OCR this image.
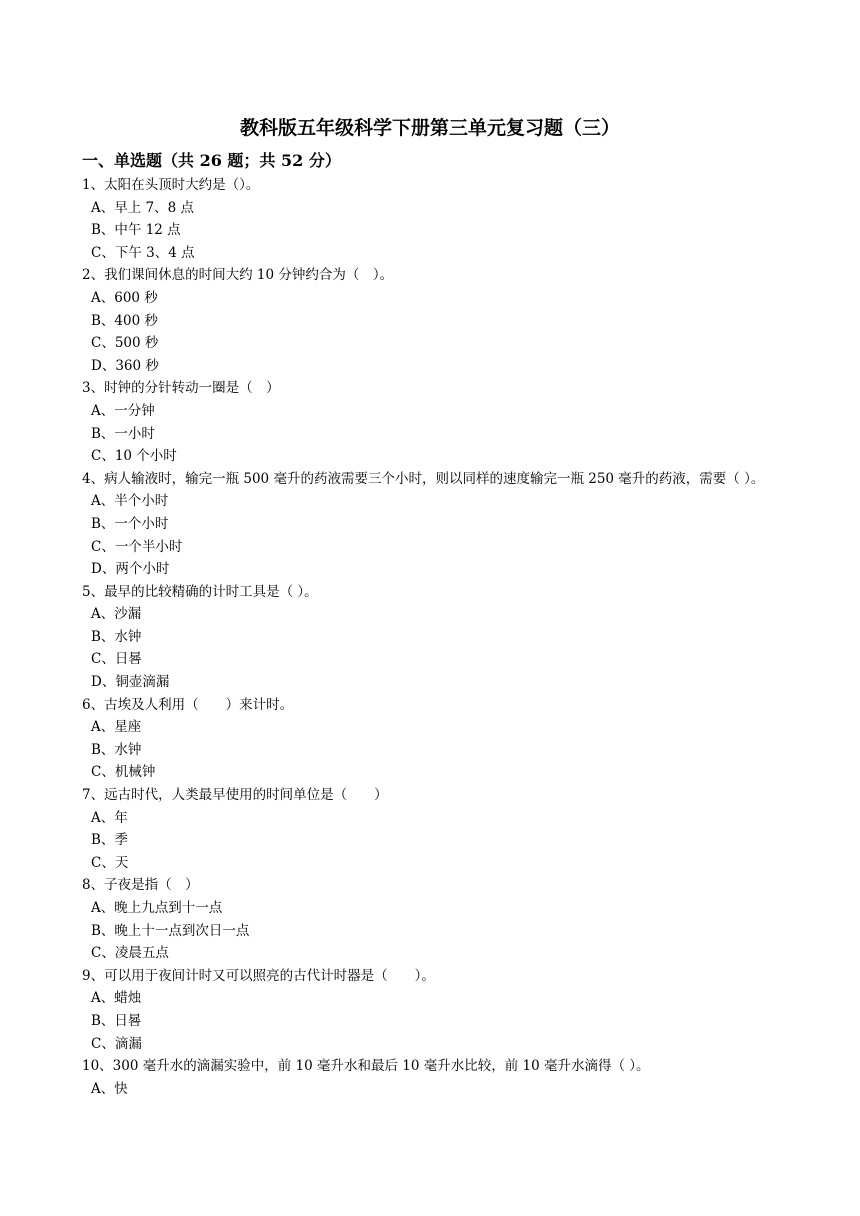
教科版五年级科学下册第三单元复习题（三）
一、单选题（共 26 题；共 52 分）
1、太阳在头顶时大约是（）。
A、早上 7、8 点
B、中午 12 点
C、下午 3、4 点
2、我们课间休息的时间大约 10 分钟约合为（　）。
A、600 秒
B、400 秒
C、500 秒
D、360 秒
3、时钟的分针转动一圈是（　）
A、一分钟
B、一小时
C、10 个小时
4、病人输液时，输完一瓶 500 毫升的药液需要三个小时，则以同样的速度输完一瓶 250 毫升的药液，需要（ ）。
A、半个小时
B、一个小时
C、一个半小时
D、两个小时
5、最早的比较精确的计时工具是（ ）。
A、沙漏
B、水钟
C、日晷
D、铜壶滴漏
6、古埃及人利用（　　）来计时。
A、星座
B、水钟
C、机械钟
7、远古时代，人类最早使用的时间单位是（　　）
A、年
B、季
C、天
8、子夜是指（　）
A、晚上九点到十一点
B、晚上十一点到次日一点
C、凌晨五点
9、可以用于夜间计时又可以照亮的古代计时器是（　　）。
A、蜡烛
B、日晷
C、滴漏
10、300 毫升水的滴漏实验中，前 10 毫升水和最后 10 毫升水比较，前 10 毫升水滴得（ ）。
A、快
